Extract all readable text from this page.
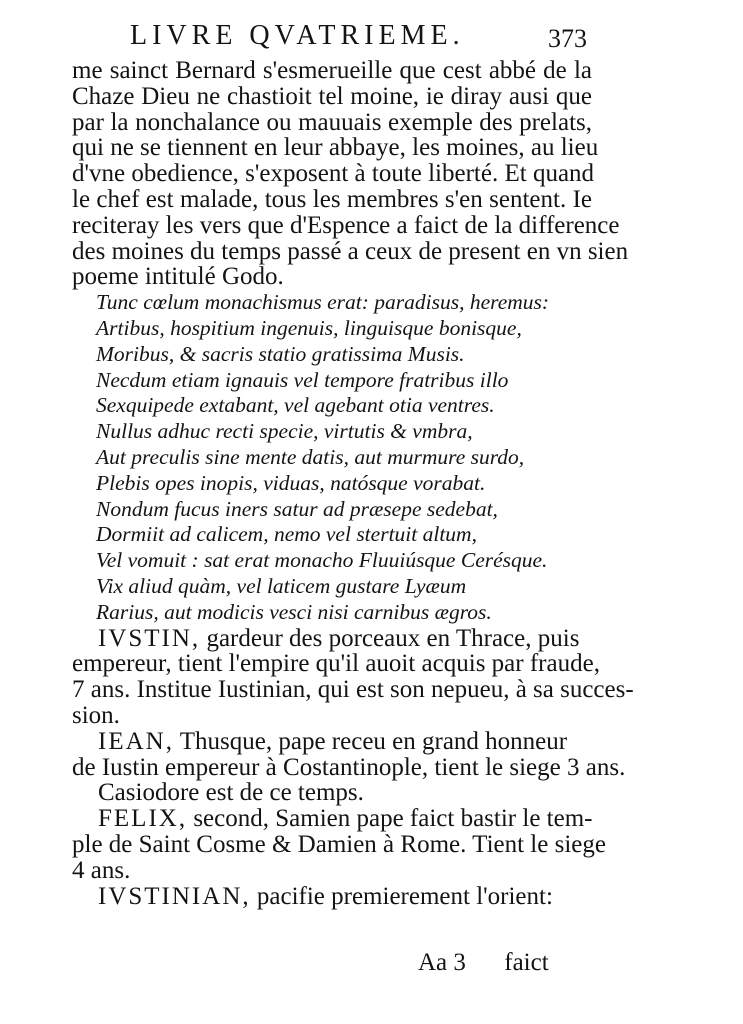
LIVRE QVATRIEME.	373
me sainct Bernard s'esmerueille que cest abbé de la
Chaze Dieu ne chastioit tel moine, ie diray ausi que
par la nonchalance ou mauuais exemple des prelats,
qui ne se tiennent en leur abbaye, les moines, au lieu
d'vne obedience, s'exposent à toute liberté. Et quand
le chef est malade, tous les membres s'en sentent. Ie
reciteray les vers que d'Espence a faict de la difference
des moines du temps passé a ceux de present en vn sien
poeme intitulé Godo.
Tunc cœlum monachismus erat: paradisus, heremus:
Artibus, hospitium ingenuis, linguisque bonisque,
Moribus, & sacris statio gratissima Musis.
Necdum etiam ignauis vel tempore fratribus illo
Sexquipede extabant, vel agebant otia ventres.
Nullus adhuc recti specie, virtutis & vmbra,
Aut preculis sine mente datis, aut murmure surdo,
Plebis opes inopis, viduas, natósque vorabat.
Nondum fucus iners satur ad præsepe sedebat,
Dormiit ad calicem, nemo vel stertuit altum,
Vel vomuit : sat erat monacho Fluuiúsque Cerésque.
Vix aliud quàm, vel laticem gustare Lyæum
Rarius, aut modicis vesci nisi carnibus ægros.
IVSTIN, gardeur des porceaux en Thrace, puis
empereur, tient l'empire qu'il auoit acquis par fraude,
7 ans. Institue Iustinian, qui est son nepueu, à sa succes-
sion.
IEAN, Thusque, pape receu en grand honneur
de Iustin empereur à Costantinople, tient le siege 3 ans.
Casiodore est de ce temps.
FELIX, second, Samien pape faict bastir le tem-
ple de Saint Cosme & Damien à Rome. Tient le siege
4 ans.
IVSTINIAN, pacifie premierement l'orient:
Aa 3 faict
